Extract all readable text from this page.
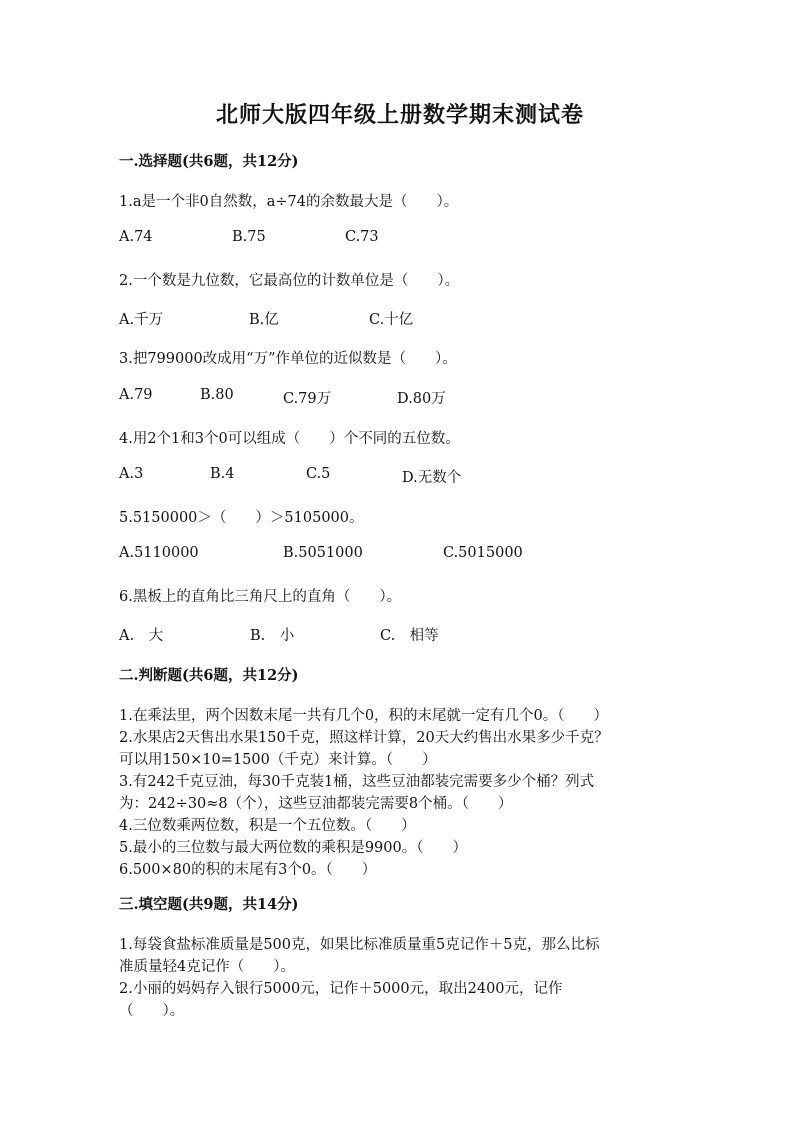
北师大版四年级上册数学期末测试卷
一.选择题(共6题，共12分)
1.a是一个非0自然数，a÷74的余数最大是（　　）。
A.74	B.75	C.73
2.一个数是九位数，它最高位的计数单位是（　　）。
A.千万	B.亿	C.十亿
3.把799000改成用“万”作单位的近似数是（　　）。
A.79	B.80	C.79万	D.80万
4.用2个1和3个0可以组成（　　）个不同的五位数。
A.3	B.4	C.5	D.无数个
5.5150000＞（　　）＞5105000。
A.5110000	B.5051000	C.5015000
6.黑板上的直角比三角尺上的直角（　　）。
A.　大	B.　小	C.　相等
二.判断题(共6题，共12分)
1.在乘法里，两个因数末尾一共有几个0，积的末尾就一定有几个0。（　　）
2.水果店2天售出水果150千克，照这样计算，20天大约售出水果多少千克？
可以用150×10=1500（千克）来计算。（　　）
3.有242千克豆油，每30千克装1桶，这些豆油都装完需要多少个桶？列式
为：242÷30≈8（个），这些豆油都装完需要8个桶。（　　）
4.三位数乘两位数，积是一个五位数。（　　）
5.最小的三位数与最大两位数的乘积是9900。（　　）
6.500×80的积的末尾有3个0。（　　）
三.填空题(共9题，共14分)
1.每袋食盐标准质量是500克，如果比标准质量重5克记作＋5克，那么比标
准质量轻4克记作（　　）。
2.小丽的妈妈存入银行5000元，记作＋5000元，取出2400元，记作
（　　）。
